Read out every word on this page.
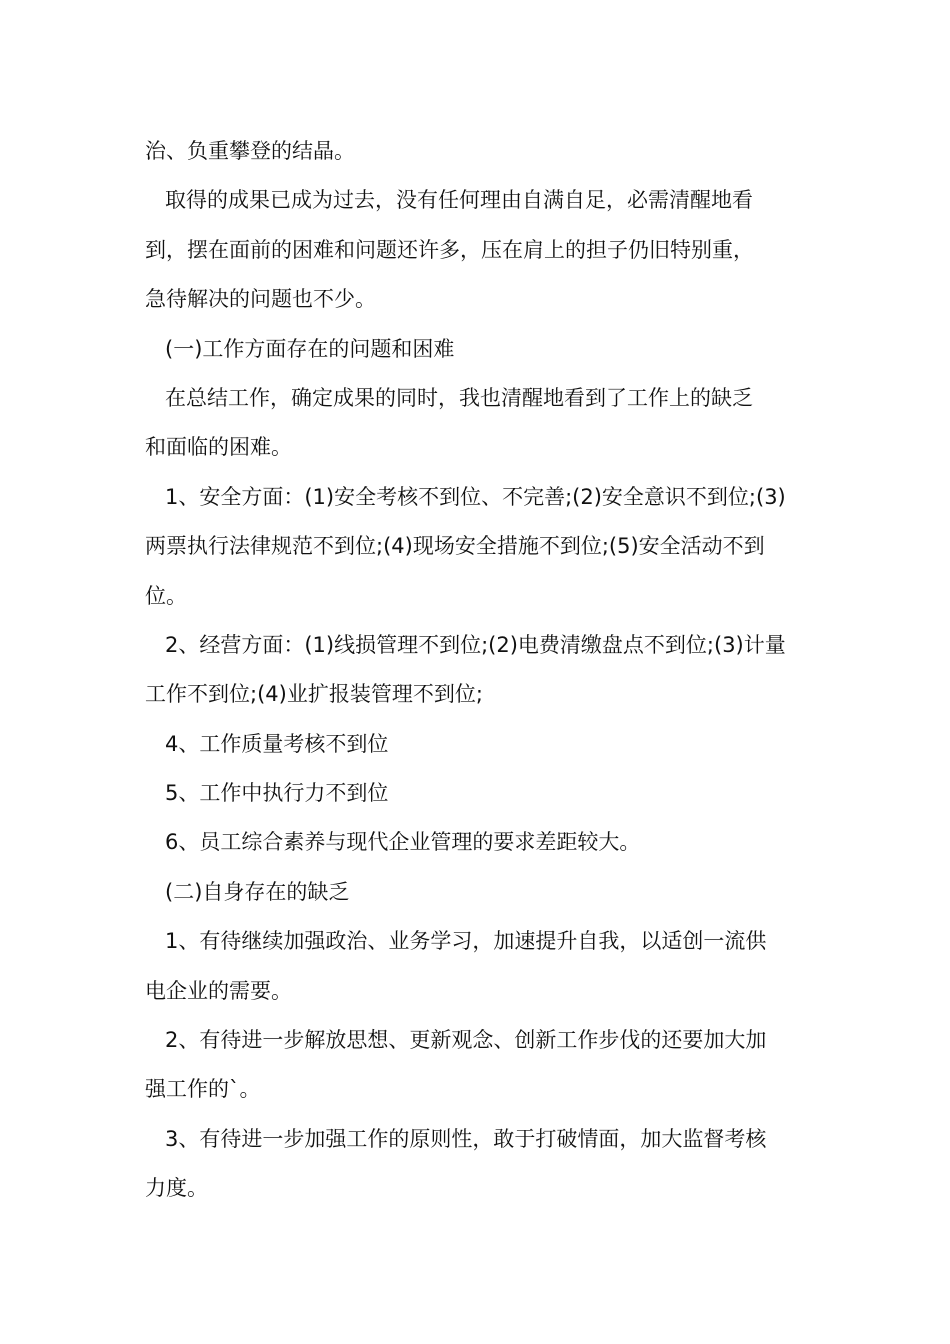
治、负重攀登的结晶。
取得的成果已成为过去，没有任何理由自满自足，必需清醒地看
到，摆在面前的困难和问题还许多，压在肩上的担子仍旧特别重，
急待解决的问题也不少。
(一)工作方面存在的问题和困难
在总结工作，确定成果的同时，我也清醒地看到了工作上的缺乏
和面临的困难。
1、安全方面：(1)安全考核不到位、不完善;(2)安全意识不到位;(3)
两票执行法律规范不到位;(4)现场安全措施不到位;(5)安全活动不到
位。
2、经营方面：(1)线损管理不到位;(2)电费清缴盘点不到位;(3)计量
工作不到位;(4)业扩报装管理不到位;
4、工作质量考核不到位
5、工作中执行力不到位
6、员工综合素养与现代企业管理的要求差距较大。
(二)自身存在的缺乏
1、有待继续加强政治、业务学习，加速提升自我，以适创一流供
电企业的需要。
2、有待进一步解放思想、更新观念、创新工作步伐的还要加大加
强工作的`。
3、有待进一步加强工作的原则性，敢于打破情面，加大监督考核
力度。
